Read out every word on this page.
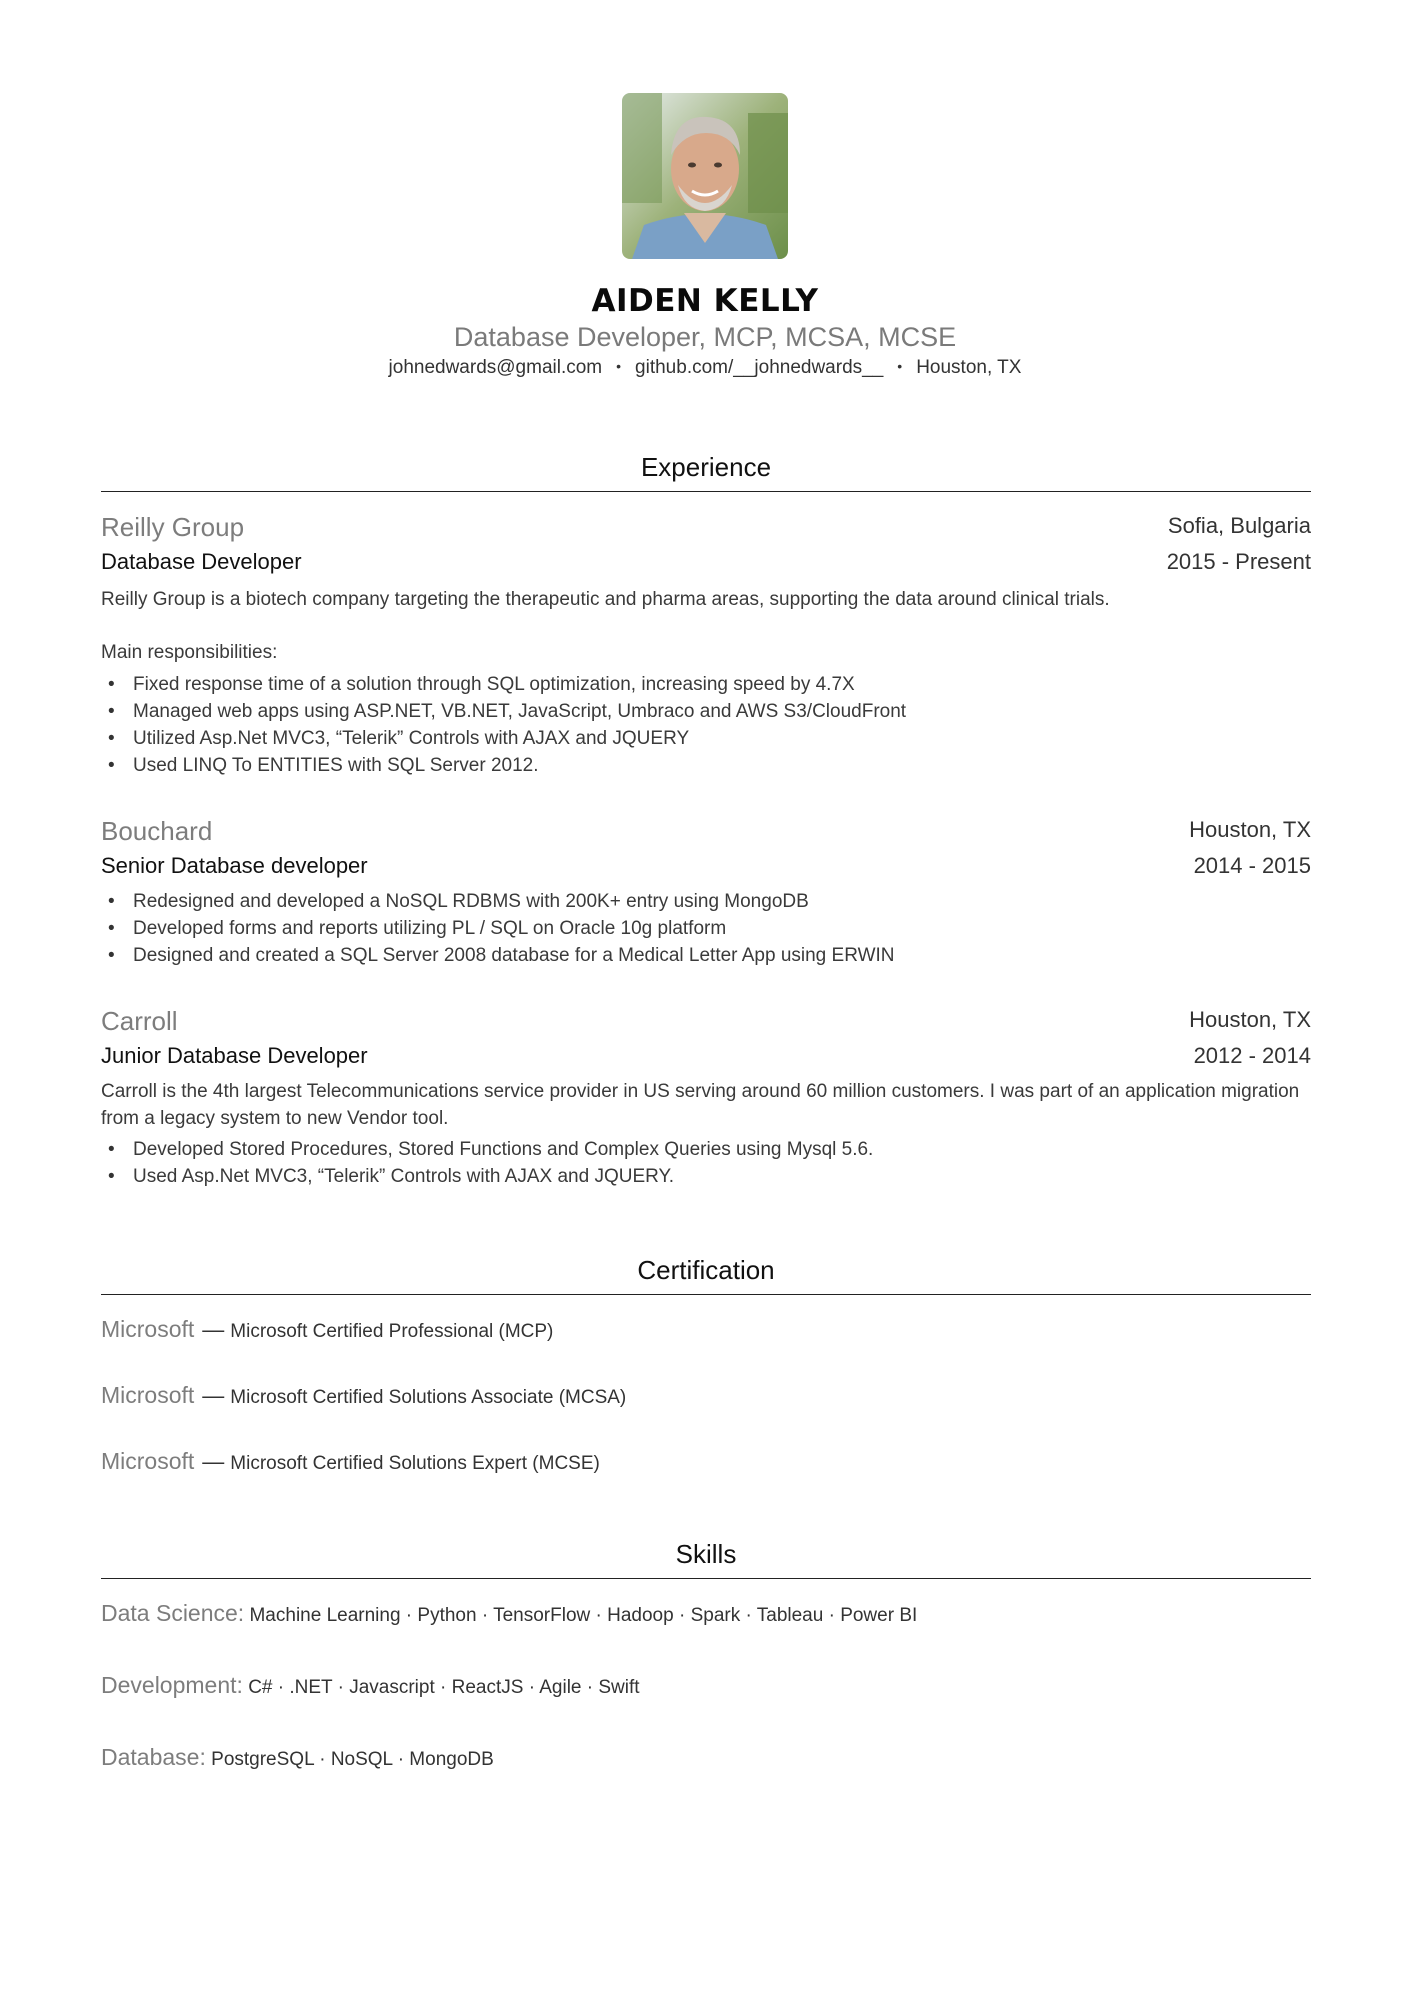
AIDEN KELLY
Database Developer, MCP, MCSA, MCSE
johnedwards@gmail.com • github.com/__johnedwards__ • Houston, TX
Experience
Reilly Group	Sofia, Bulgaria
Database Developer	2015 - Present
Reilly Group is a biotech company targeting the therapeutic and pharma areas, supporting the data around clinical trials.
Main responsibilities:
• Fixed response time of a solution through SQL optimization, increasing speed by 4.7X
• Managed web apps using ASP.NET, VB.NET, JavaScript, Umbraco and AWS S3/CloudFront
• Utilized Asp.Net MVC3, “Telerik” Controls with AJAX and JQUERY
• Used LINQ To ENTITIES with SQL Server 2012.
Bouchard	Houston, TX
Senior Database developer	2014 - 2015
• Redesigned and developed a NoSQL RDBMS with 200K+ entry using MongoDB
• Developed forms and reports utilizing PL / SQL on Oracle 10g platform
• Designed and created a SQL Server 2008 database for a Medical Letter App using ERWIN
Carroll	Houston, TX
Junior Database Developer	2012 - 2014
Carroll is the 4th largest Telecommunications service provider in US serving around 60 million customers. I was part of an application migration from a legacy system to new Vendor tool.
• Developed Stored Procedures, Stored Functions and Complex Queries using Mysql 5.6.
• Used Asp.Net MVC3, “Telerik” Controls with AJAX and JQUERY.
Certification
Microsoft — Microsoft Certified Professional (MCP)
Microsoft — Microsoft Certified Solutions Associate (MCSA)
Microsoft — Microsoft Certified Solutions Expert (MCSE)
Skills
Data Science: Machine Learning · Python · TensorFlow · Hadoop · Spark · Tableau · Power BI
Development: C# · .NET · Javascript · ReactJS · Agile · Swift
Database: PostgreSQL · NoSQL · MongoDB
